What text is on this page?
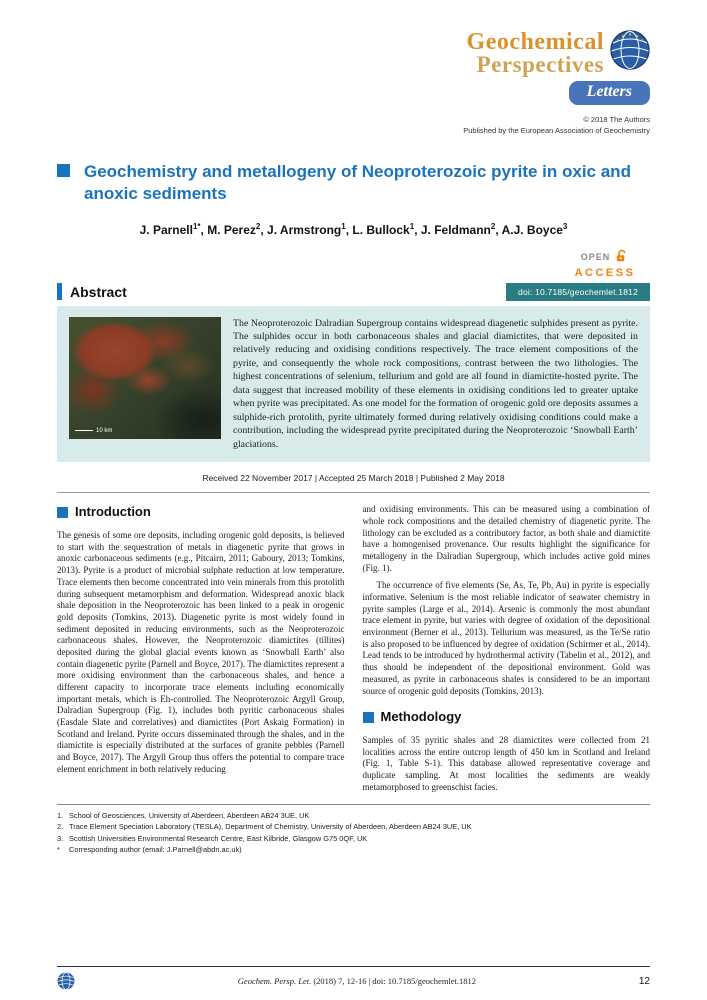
Geochemical
Perspectives
Letters
© 2018 The Authors
Published by the European Association of Geochemistry
Geochemistry and metallogeny of Neoproterozoic pyrite in oxic and anoxic sediments
J. Parnell$^{1*}$, M. Perez$^2$, J. Armstrong$^1$, L. Bullock$^1$, J. Feldmann$^2$, A.J. Boyce$^3$
OPEN
ACCESS
Abstract	doi: 10.7185/geochemlet.1812
10 km

The Neoproterozoic Dalradian Supergroup contains widespread diagenetic sulphides present as pyrite. The sulphides occur in both carbonaceous shales and glacial diamictites, that were deposited in relatively reducing and oxidising conditions respectively. The trace element compositions of the pyrite, and consequently the whole rock compositions, contrast between the two lithologies. The highest concentrations of selenium, tellurium and gold are all found in diamictite-hosted pyrite. The data suggest that increased mobility of these elements in oxidising conditions led to greater uptake when pyrite was precipitated. As one model for the formation of orogenic gold ore deposits assumes a sulphide-rich protolith, pyrite ultimately formed during relatively oxidising conditions could make a contribution, including the widespread pyrite precipitated during the Neoproterozoic ‘Snowball Earth’ glaciations.

Received 22 November 2017 | Accepted 25 March 2018 | Published 2 May 2018
Introduction

The genesis of some ore deposits, including orogenic gold deposits, is believed to start with the sequestration of metals in diagenetic pyrite that grows in anoxic carbonaceous sediments (e.g., Pitcairn, 2011; Gaboury, 2013; Tomkins, 2013). Pyrite is a product of microbial sulphate reduction at low temperature. Trace elements then become concentrated into vein minerals from this protolith during subsequent metamorphism and deformation. Widespread anoxic black shale deposition in the Neoproterozoic has been linked to a peak in orogenic gold deposits (Tomkins, 2013). Diagenetic pyrite is most widely found in sediment deposited in reducing environments, such as the Neoproterozoic carbonaceous shales. However, the Neoproterozoic diamictites (tillites) deposited during the global glacial events known as ‘Snowball Earth’ also contain diagenetic pyrite (Parnell and Boyce, 2017). The diamictites represent a more oxidising environment than the carbonaceous shales, and hence a different capacity to incorporate trace elements including economically important metals, which is Eh-controlled. The Neoproterozoic Argyll Group, Dalradian Supergroup (Fig. 1), includes both pyritic carbonaceous shales (Easdale Slate and correlatives) and diamictites (Port Askaig Formation) in Scotland and Ireland. Pyrite occurs disseminated through the shales, and in the diamictite is especially distributed at the surfaces of granite pebbles (Parnell and Boyce, 2017). The Argyll Group thus offers the potential to compare trace element enrichment in both relatively reducing

and oxidising environments. This can be measured using a combination of whole rock compositions and the detailed chemistry of diagenetic pyrite. The lithology can be excluded as a contributory factor, as both shale and diamictite have a homogenised provenance. Our results highlight the significance for metallogeny in the Dalradian Supergroup, which includes active gold mines (Fig. 1).

The occurrence of five elements (Se, As, Te, Pb, Au) in pyrite is especially informative. Selenium is the most reliable indicator of seawater chemistry in pyrite samples (Large et al., 2014). Arsenic is commonly the most abundant trace element in pyrite, but varies with degree of oxidation of the depositional environment (Berner et al., 2013). Tellurium was measured, as the Te/Se ratio is also proposed to be influenced by degree of oxidation (Schirmer et al., 2014). Lead tends to be introduced by hydrothermal activity (Tabelin et al., 2012), and thus should be independent of the depositional environment. Gold was measured, as pyrite in carbonaceous shales is considered to be an important source of orogenic gold deposits (Tomkins, 2013).

Methodology

Samples of 35 pyritic shales and 28 diamictites were collected from 21 localities across the entire outcrop length of 450 km in Scotland and Ireland (Fig. 1, Table S-1). This database allowed representative coverage and duplicate sampling. At most localities the sediments are weakly metamorphosed to greenschist facies.

1. School of Geosciences, University of Aberdeen, Aberdeen AB24 3UE, UK
2. Trace Element Speciation Laboratory (TESLA), Department of Chemistry, University of Aberdeen, Aberdeen AB24 3UE, UK
3. Scottish Universities Environmental Research Centre, East Kilbride, Glasgow G75 0QF, UK
*	Corresponding author (email: J.Parnell@abdn.ac.uk)
Geochem. Persp. Let. (2018) 7, 12-16 | doi: 10.7185/geochemlet.1812	12
